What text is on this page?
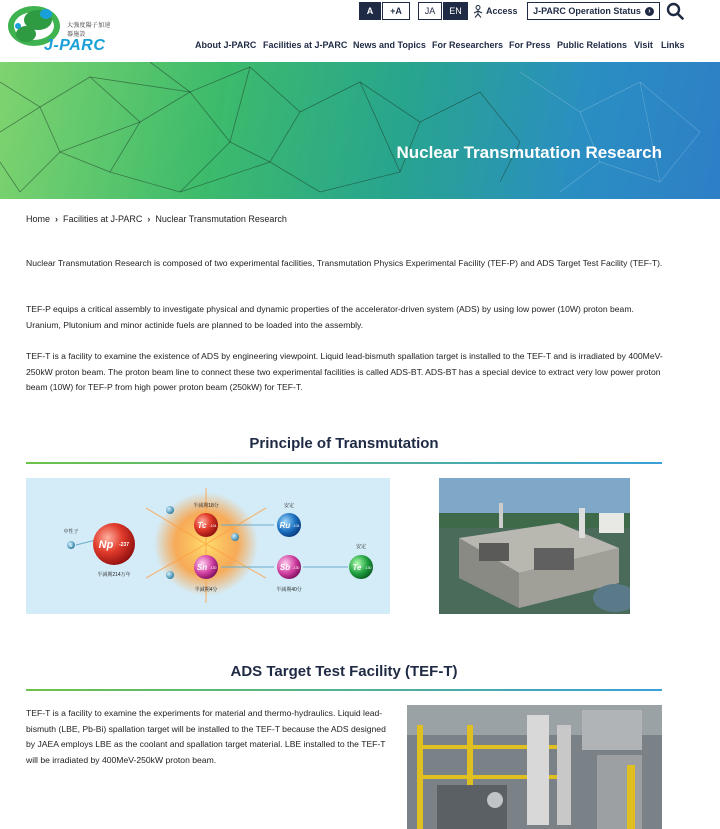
大強度陽子加速器施設
J-PARC
A	+A	JA	EN	Access J-PARC Operation Status	›
About J-PARC Facilities at J-PARC News and Topics For Researchers For Press Public Relations Visit Links
Nuclear Transmutation Research
Home › Facilities at J-PARC › Nuclear Transmutation Research

Nuclear Transmutation Research is composed of two experimental facilities, Transmutation Physics Experimental Facility (TEF-P) and ADS Target Test Facility (TEF-T).

TEF-P equips a critical assembly to investigate physical and dynamic properties of the accelerator-driven system (ADS) by using low power (10W) proton beam. Uranium, Plutonium and minor actinide fuels are planned to be loaded into the assembly.

TEF-T is a facility to examine the existence of ADS by engineering viewpoint. Liquid lead-bismuth spallation target is installed to the TEF-T and is irradiated by 400MeV-250kW proton beam. The proton beam line to connect these two experimental facilities is called ADS-BT. ADS-BT has a special device to extract very low power proton beam (10W) for TEF-P from high power proton beam (250kW) for TEF-T.

Principle of Transmutation
N
中性子
Np -237
半減期214万年
Tc -104
半減期18分
Sn -130
半減期4分
Ru -104
安定
Sb -130
半減期40分
Te -130
安定
ADS Target Test Facility (TEF-T)

TEF-T is a facility to examine the experiments for material and thermo-hydraulics. Liquid lead-bismuth (LBE, Pb-Bi) spallation target will be installed to the TEF-T because the ADS designed by JAEA employs LBE as the coolant and spallation target material. LBE installed to the TEF-T will be irradiated by 400MeV-250kW proton beam.
